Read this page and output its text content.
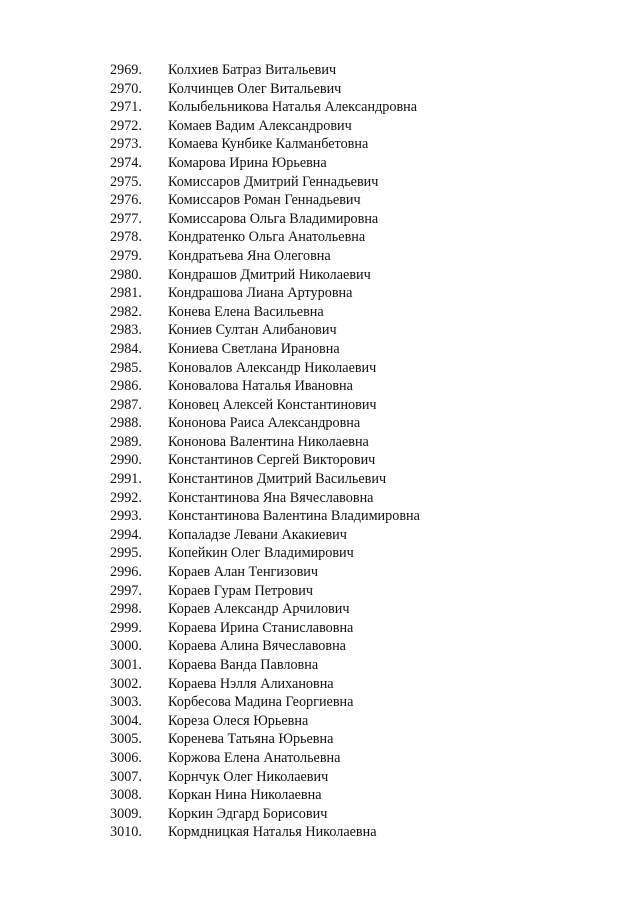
2969. Колхиев Батраз Витальевич
2970. Колчинцев Олег Витальевич
2971. Колыбельникова Наталья Александровна
2972. Комаев Вадим Александрович
2973. Комаева Кунбике Калманбетовна
2974. Комарова Ирина Юрьевна
2975. Комиссаров Дмитрий Геннадьевич
2976. Комиссаров Роман Геннадьевич
2977. Комиссарова Ольга Владимировна
2978. Кондратенко Ольга Анатольевна
2979. Кондратьева Яна Олеговна
2980. Кондрашов Дмитрий Николаевич
2981. Кондрашова Лиана Артуровна
2982. Конева Елена Васильевна
2983. Кониев Султан Алибанович
2984. Кониева Светлана Ирановна
2985. Коновалов Александр Николаевич
2986. Коновалова Наталья Ивановна
2987. Коновец Алексей Константинович
2988. Кононова Раиса Александровна
2989. Кононова Валентина Николаевна
2990. Константинов Сергей Викторович
2991. Константинов Дмитрий Васильевич
2992. Константинова Яна Вячеславовна
2993. Константинова Валентина Владимировна
2994. Копаладзе Левани Акакиевич
2995. Копейкин Олег Владимирович
2996. Кораев Алан Тенгизович
2997. Кораев Гурам Петрович
2998. Кораев Александр Арчилович
2999. Кораева Ирина Станиславовна
3000. Кораева Алина Вячеславовна
3001. Кораева Ванда Павловна
3002. Кораева Нэлля Алихановна
3003. Корбесова Мадина Георгиевна
3004. Кореза Олеся Юрьевна
3005. Коренева Татьяна Юрьевна
3006. Коржова Елена Анатольевна
3007. Корнчук Олег Николаевич
3008. Коркан Нина Николаевна
3009. Коркин Эдгард Борисович
3010. Кормдницкая Наталья Николаевна
